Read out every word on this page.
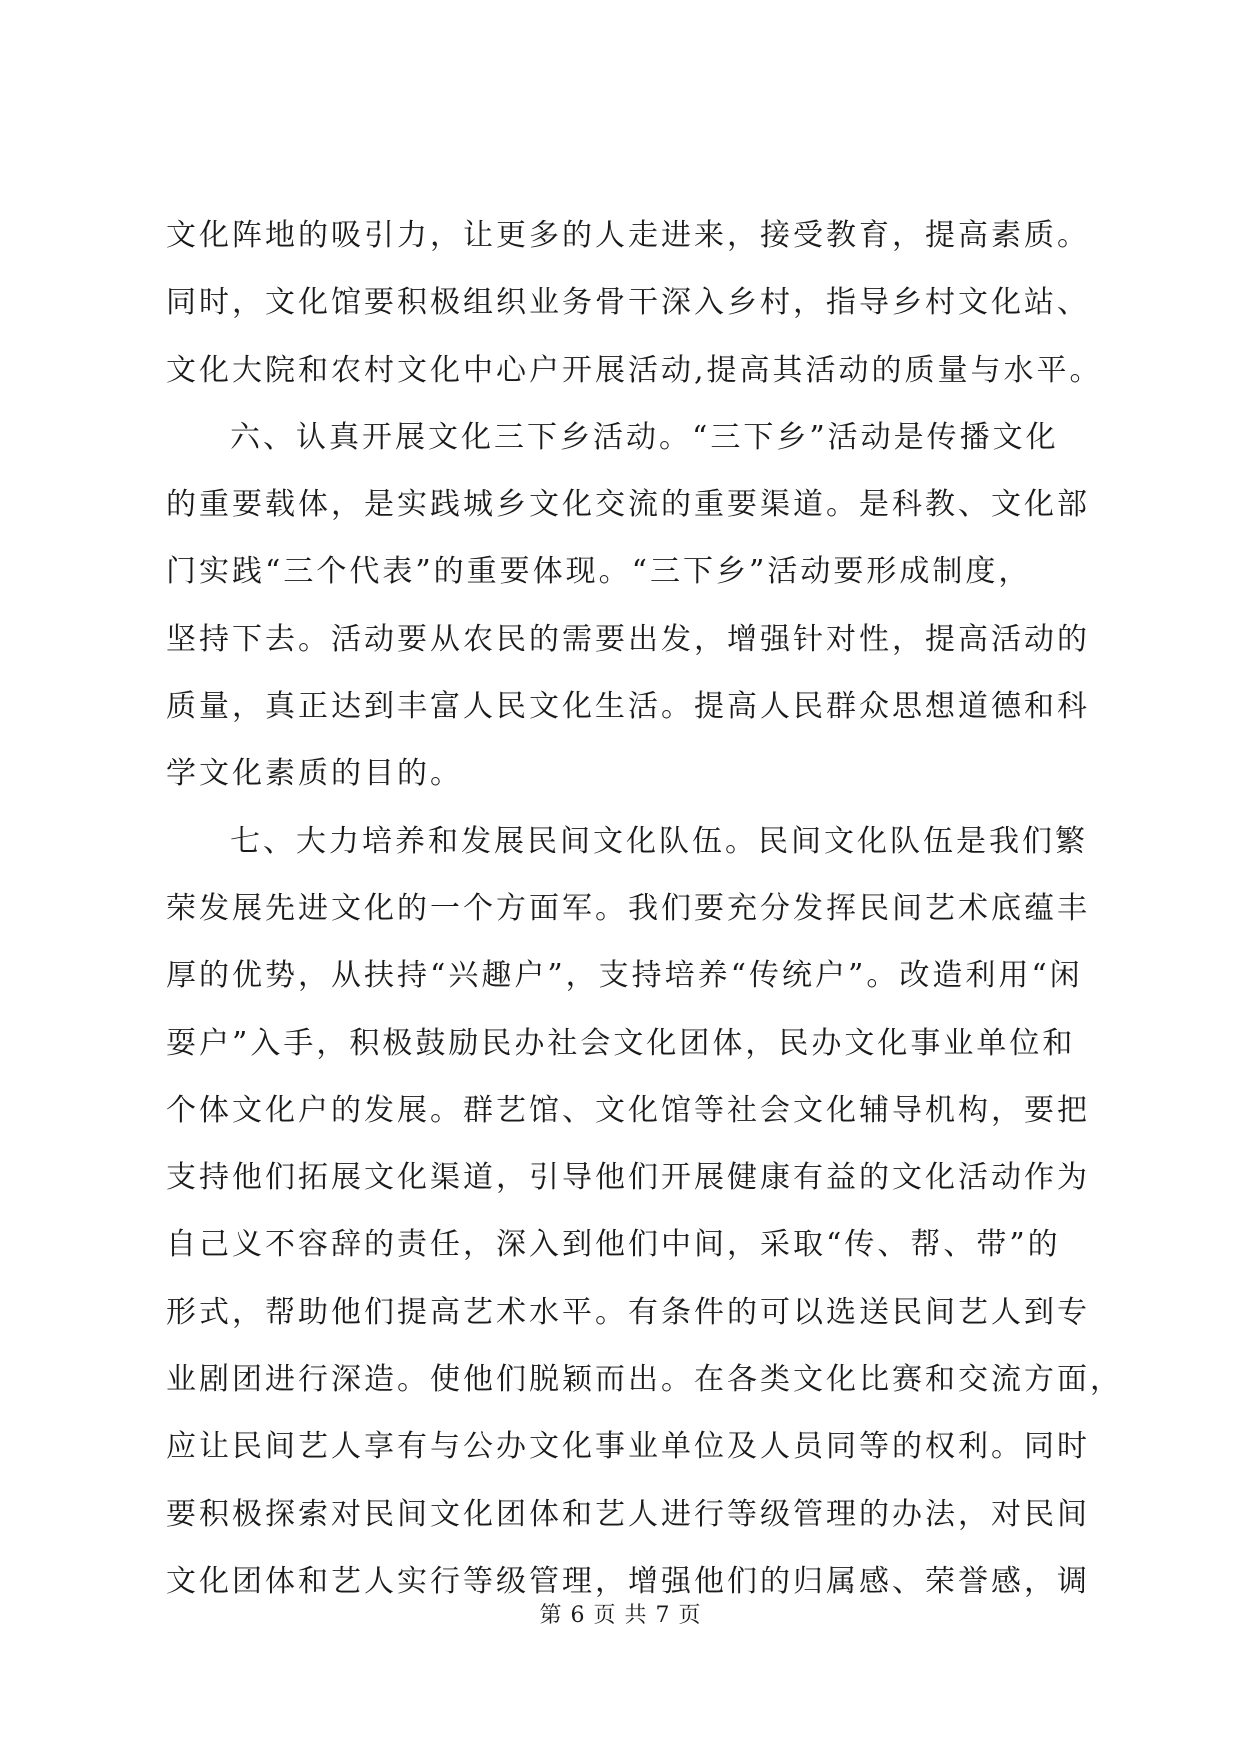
文化阵地的吸引力，让更多的人走进来，接受教育，提高素质。
同时，文化馆要积极组织业务骨干深入乡村，指导乡村文化站、
文化大院和农村文化中心户开展活动,提高其活动的质量与水平。
六、认真开展文化三下乡活动。“三下乡”活动是传播文化
的重要载体，是实践城乡文化交流的重要渠道。是科教、文化部
门实践“三个代表”的重要体现。“三下乡”活动要形成制度，
坚持下去。活动要从农民的需要出发，增强针对性，提高活动的
质量，真正达到丰富人民文化生活。提高人民群众思想道德和科
学文化素质的目的。
七、大力培养和发展民间文化队伍。民间文化队伍是我们繁
荣发展先进文化的一个方面军。我们要充分发挥民间艺术底蕴丰
厚的优势，从扶持“兴趣户”，支持培养“传统户”。改造利用“闲
耍户”入手，积极鼓励民办社会文化团体，民办文化事业单位和
个体文化户的发展。群艺馆、文化馆等社会文化辅导机构，要把
支持他们拓展文化渠道，引导他们开展健康有益的文化活动作为
自己义不容辞的责任，深入到他们中间，采取“传、帮、带”的
形式，帮助他们提高艺术水平。有条件的可以选送民间艺人到专
业剧团进行深造。使他们脱颖而出。在各类文化比赛和交流方面，
应让民间艺人享有与公办文化事业单位及人员同等的权利。同时
要积极探索对民间文化团体和艺人进行等级管理的办法，对民间
文化团体和艺人实行等级管理，增强他们的归属感、荣誉感，调
第 6 页 共 7 页
